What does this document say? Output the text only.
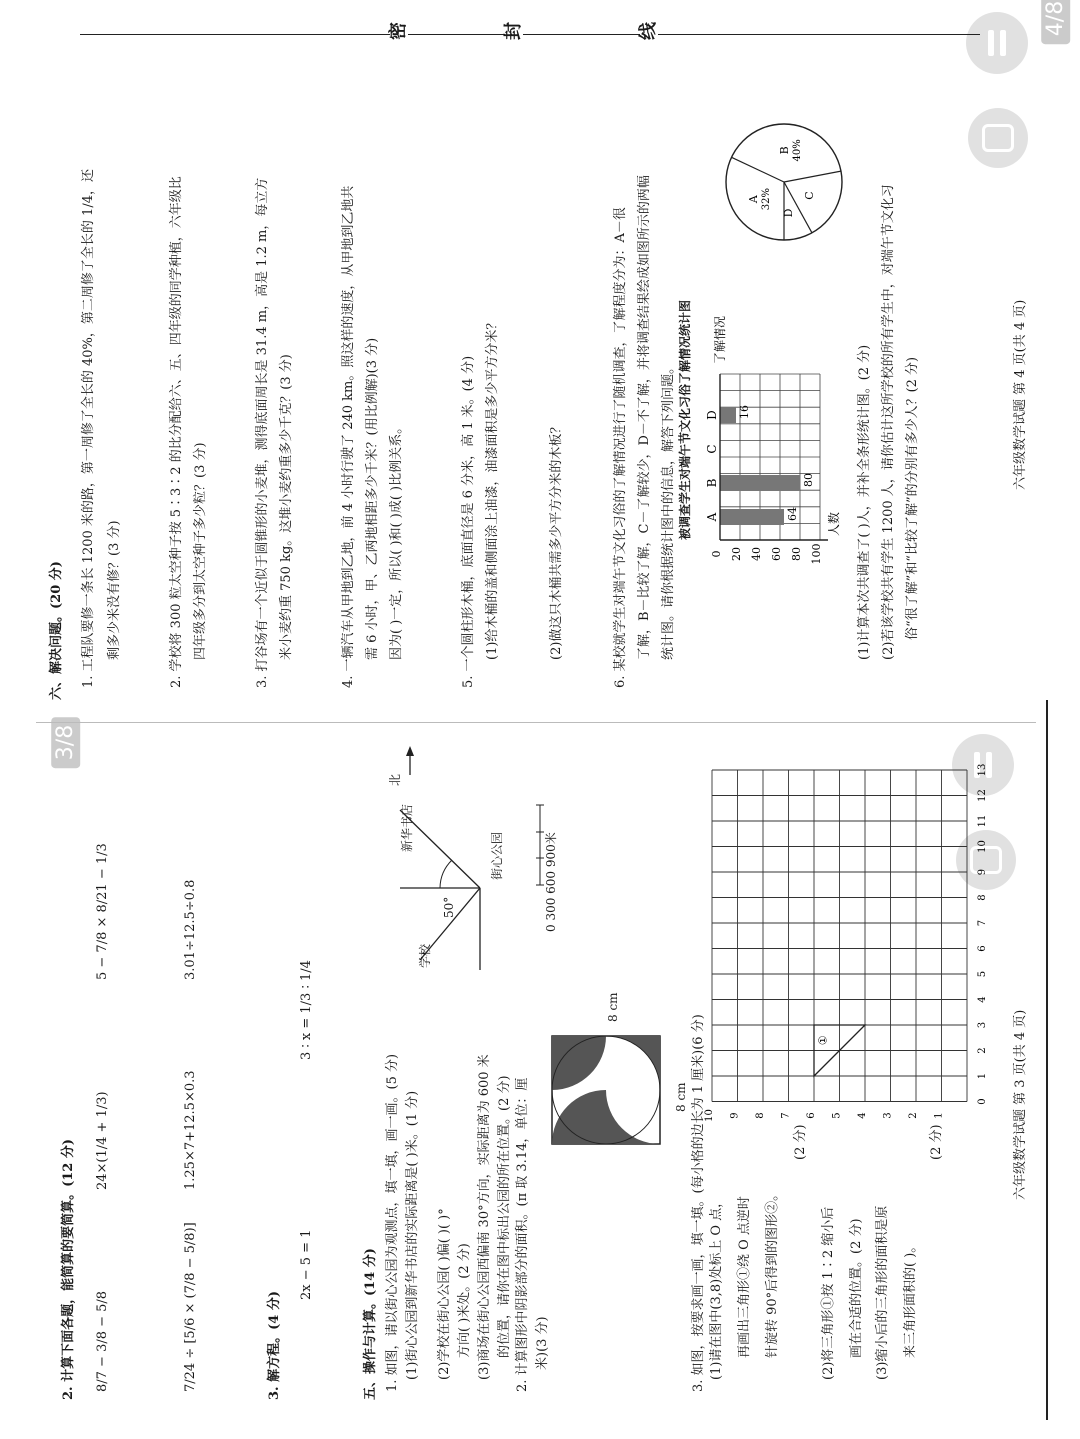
4/8
3/8
密	封	线
六、解决问题。(20 分) 1. 工程队要修一条长 1200 米的路，第一周修了全长的 40%，第二周修了全长的 1/4，还 剩多少米没有修？(3 分)	2. 学校将 300 粒太空种子按 5∶3∶2 的比分配给六、五、四年级的同学种植，六年级比 四年级多分到太空种子多少粒？(3 分)	3. 打谷场有一个近似于圆锥形的小麦堆，测得底面周长是 31.4 m，高是 1.2 m，每立方 米小麦约重 750 kg。这堆小麦约重多少千克？(3 分)	4. 一辆汽车从甲地到乙地，前 4 小时行驶了 240 km。照这样的速度，从甲地到乙地共 需 6 小时，甲、乙两地相距多少千米？(用比例解)(3 分) 因为( )一定，所以( )和( )成( )比例关系。	5. 一个圆柱形木桶，底面直径是 6 分米，高 1 米。(4 分) (1)给木桶的盖和侧面涂上油漆，油漆面积是多少平方分米？	(2)做这只木桶共需多少平方分米的木板？	6. 某校就学生对端午节文化习俗的了解情况进行了随机调查，了解程度分为：A－很 了解，B－比较了解，C－了解较少，D－不了解，并将调查结果绘成如图所示的两幅 统计图。请你根据统计图中的信息，解答下列问题。 被调查学生对端午节文化习俗了解情况统计图
0 20 40 60 80 100
64
A
80
B
C
16
D
人数
了解情况
A 32%
B 40%
C
D
(1)计算本次共调查了( )人，并补全条形统计图。(2 分) (2)若该学校共有学生 1200 人，请你估计这所学校的所有学生中，对端午节文化习 俗“很了解”和“比较了解”的分别有多少人？(2 分)	六年级数学试题 第 4 页(共 4 页)
2. 计算下面各题，能简算的要简算。(12 分) 8/7 − 3/8 − 5/8
24×(1/4 + 1/3)
5 − 7/8 × 8/21 − 1/3
7/24 ÷ [5/6 × (7/8 − 5/8)]
1.25×7+12.5×0.3
3.01÷12.5÷0.8
3. 解方程。(4 分)
2x − 5 = 1
3 ∶ x = 1/3 ∶ 1/4
五、操作与计算。(14 分) 1. 如图，请以街心公园为观测点，填一填，画一画。(5 分) (1)街心公园到新华书店的实际距离是( )米。(1 分) (2)学校在街心公园( )偏( )( )° 方向( )米处。(2 分) (3)商场在街心公园西偏南 30°方向，实际距离为 600 米 的位置，请你在图中标出公园的所在位置。(2 分) 2. 计算图形中阴影部分的面积。(π 取 3.14，单位：厘 米)(3 分)
北
新华书店
学校
50°
街心公园	0 300 600 900米
8 cm
8 cm 3. 如图，按要求画一画，填一填。(每小格的边长为 1 厘米)(6 分) (1)请在图中(3,8)处标上 O 点， 再画出三角形①绕 O 点逆时 针旋转 90°后得到的图形②。
(2 分)
(2)将三角形①按 1∶2 缩小后 画在合适的位置。(2 分) (3)缩小后的三角形的面积是原 来三角形面积的( )。
(2 分)
0
1
2
3
4
5
6
7
8
9
10
11
12
13
1
2
3
4
5
6
7
8
9
10
①	六年级数学试题 第 3 页(共 4 页)
